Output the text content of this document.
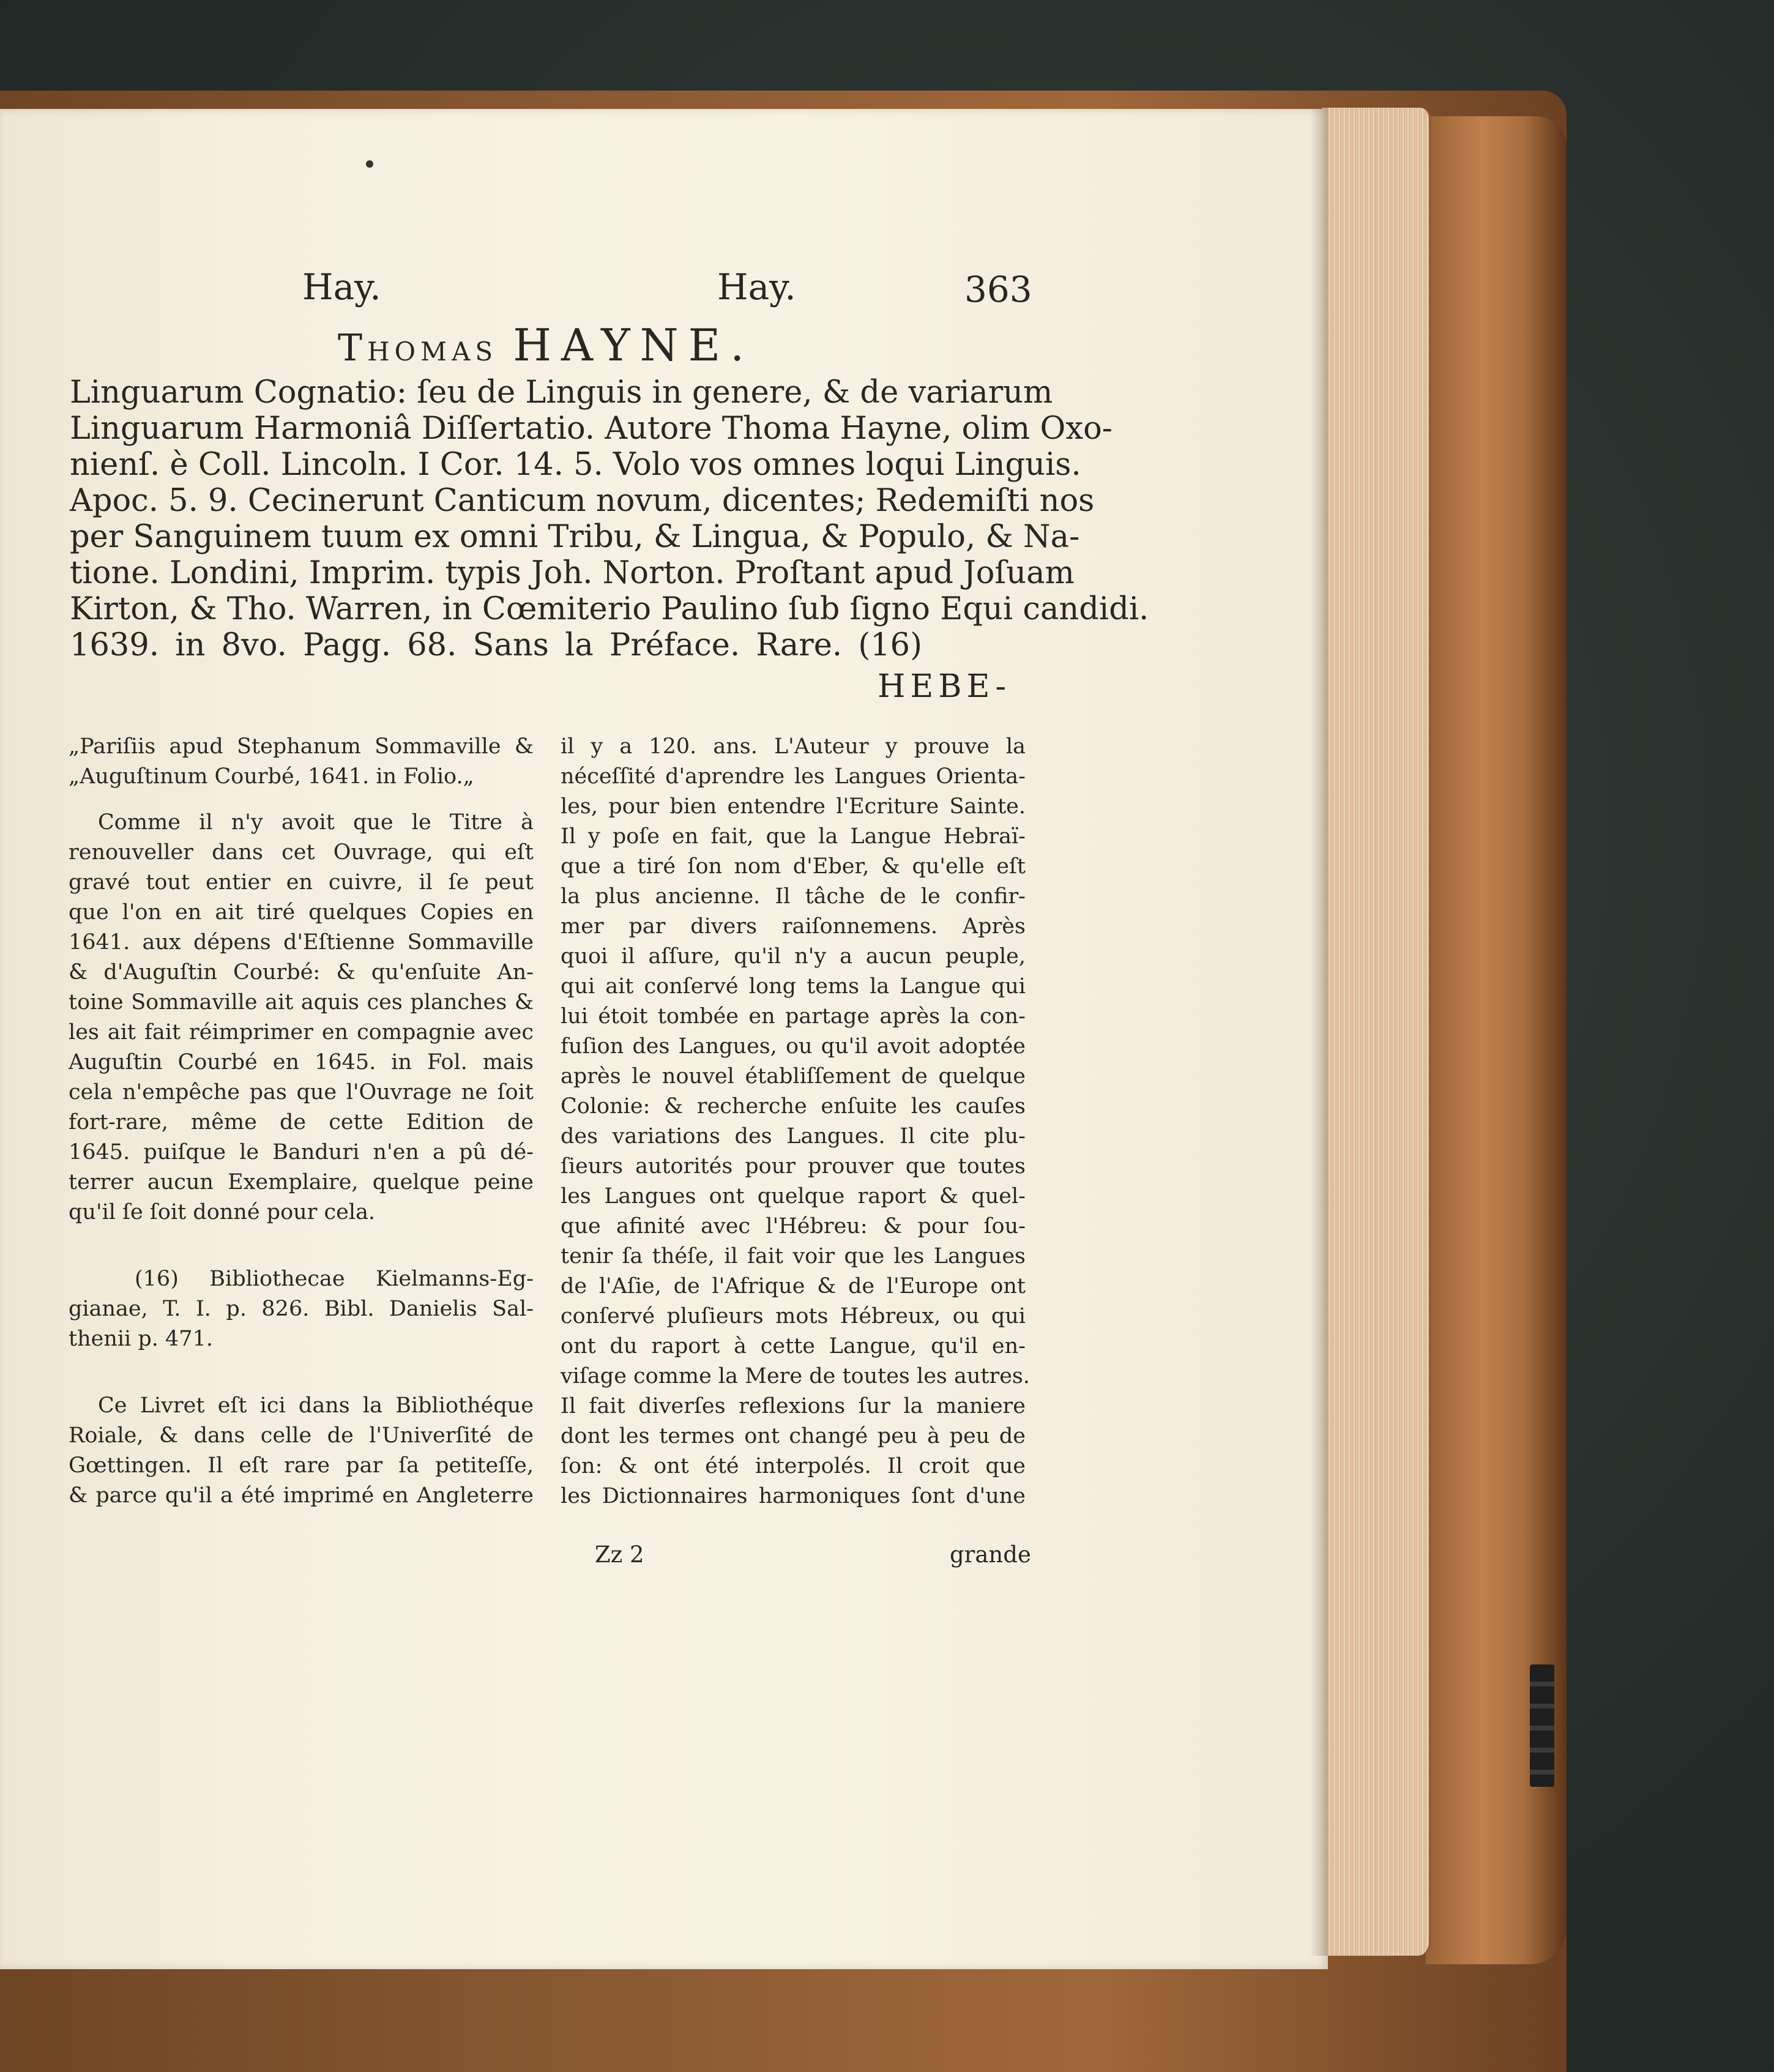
Hay.	Hay.	363
Thomas HAYNE.
Linguarum Cognatio: ſeu de Linguis in genere, & de variarum
Linguarum Harmoniâ Diſſertatio. Autore Thoma Hayne, olim Oxo-
nienſ. è Coll. Lincoln. I Cor. 14. 5. Volo vos omnes loqui Linguis.
Apoc. 5. 9. Cecinerunt Canticum novum, dicentes; Redemiſti nos
per Sanguinem tuum ex omni Tribu, & Lingua, & Populo, & Na-
tione. Londini, Imprim. typis Joh. Norton. Proſtant apud Joſuam
Kirton, & Tho. Warren, in Cœmiterio Paulino ſub ſigno Equi candidi.
1639. in 8vo. Pagg. 68. Sans la Préface. Rare. (16)
HEBE-
„Pariſiis apud Stephanum Sommaville &
„Auguſtinum Courbé, 1641. in Folio.„
Comme il n'y avoit que le Titre à
renouveller dans cet Ouvrage, qui eſt
gravé tout entier en cuivre, il ſe peut
que l'on en ait tiré quelques Copies en
1641. aux dépens d'Eſtienne Sommaville
& d'Auguſtin Courbé: & qu'enſuite An-
toine Sommaville ait aquis ces planches &
les ait fait réimprimer en compagnie avec
Auguſtin Courbé en 1645. in Fol. mais
cela n'empêche pas que l'Ouvrage ne ſoit
fort-rare, même de cette Edition de
1645. puiſque le Banduri n'en a pû dé-
terrer aucun Exemplaire, quelque peine
qu'il ſe ſoit donné pour cela.
(16) Bibliothecae Kielmanns-Eg-
gianae, T. I. p. 826. Bibl. Danielis Sal-
thenii p. 471.
Ce Livret eſt ici dans la Bibliothéque
Roiale, & dans celle de l'Univerſité de
Gœttingen. Il eſt rare par ſa petiteſſe,
& parce qu'il a été imprimé en Angleterre
il y a 120. ans. L'Auteur y prouve la
néceſſité d'aprendre les Langues Orienta-
les, pour bien entendre l'Ecriture Sainte.
Il y poſe en fait, que la Langue Hebraï-
que a tiré ſon nom d'Eber, & qu'elle eſt
la plus ancienne. Il tâche de le confir-
mer par divers raiſonnemens. Après
quoi il aſſure, qu'il n'y a aucun peuple,
qui ait conſervé long tems la Langue qui
lui étoit tombée en partage après la con-
fuſion des Langues, ou qu'il avoit adoptée
après le nouvel établiſſement de quelque
Colonie: & recherche enſuite les cauſes
des variations des Langues. Il cite plu-
ſieurs autorités pour prouver que toutes
les Langues ont quelque raport & quel-
que afinité avec l'Hébreu: & pour ſou-
tenir ſa théſe, il fait voir que les Langues
de l'Aſie, de l'Afrique & de l'Europe ont
conſervé pluſieurs mots Hébreux, ou qui
ont du raport à cette Langue, qu'il en-
viſage comme la Mere de toutes les autres.
Il fait diverſes reflexions ſur la maniere
dont les termes ont changé peu à peu de
ſon: & ont été interpolés. Il croit que
les Dictionnaires harmoniques ſont d'une
Zz 2	grande
